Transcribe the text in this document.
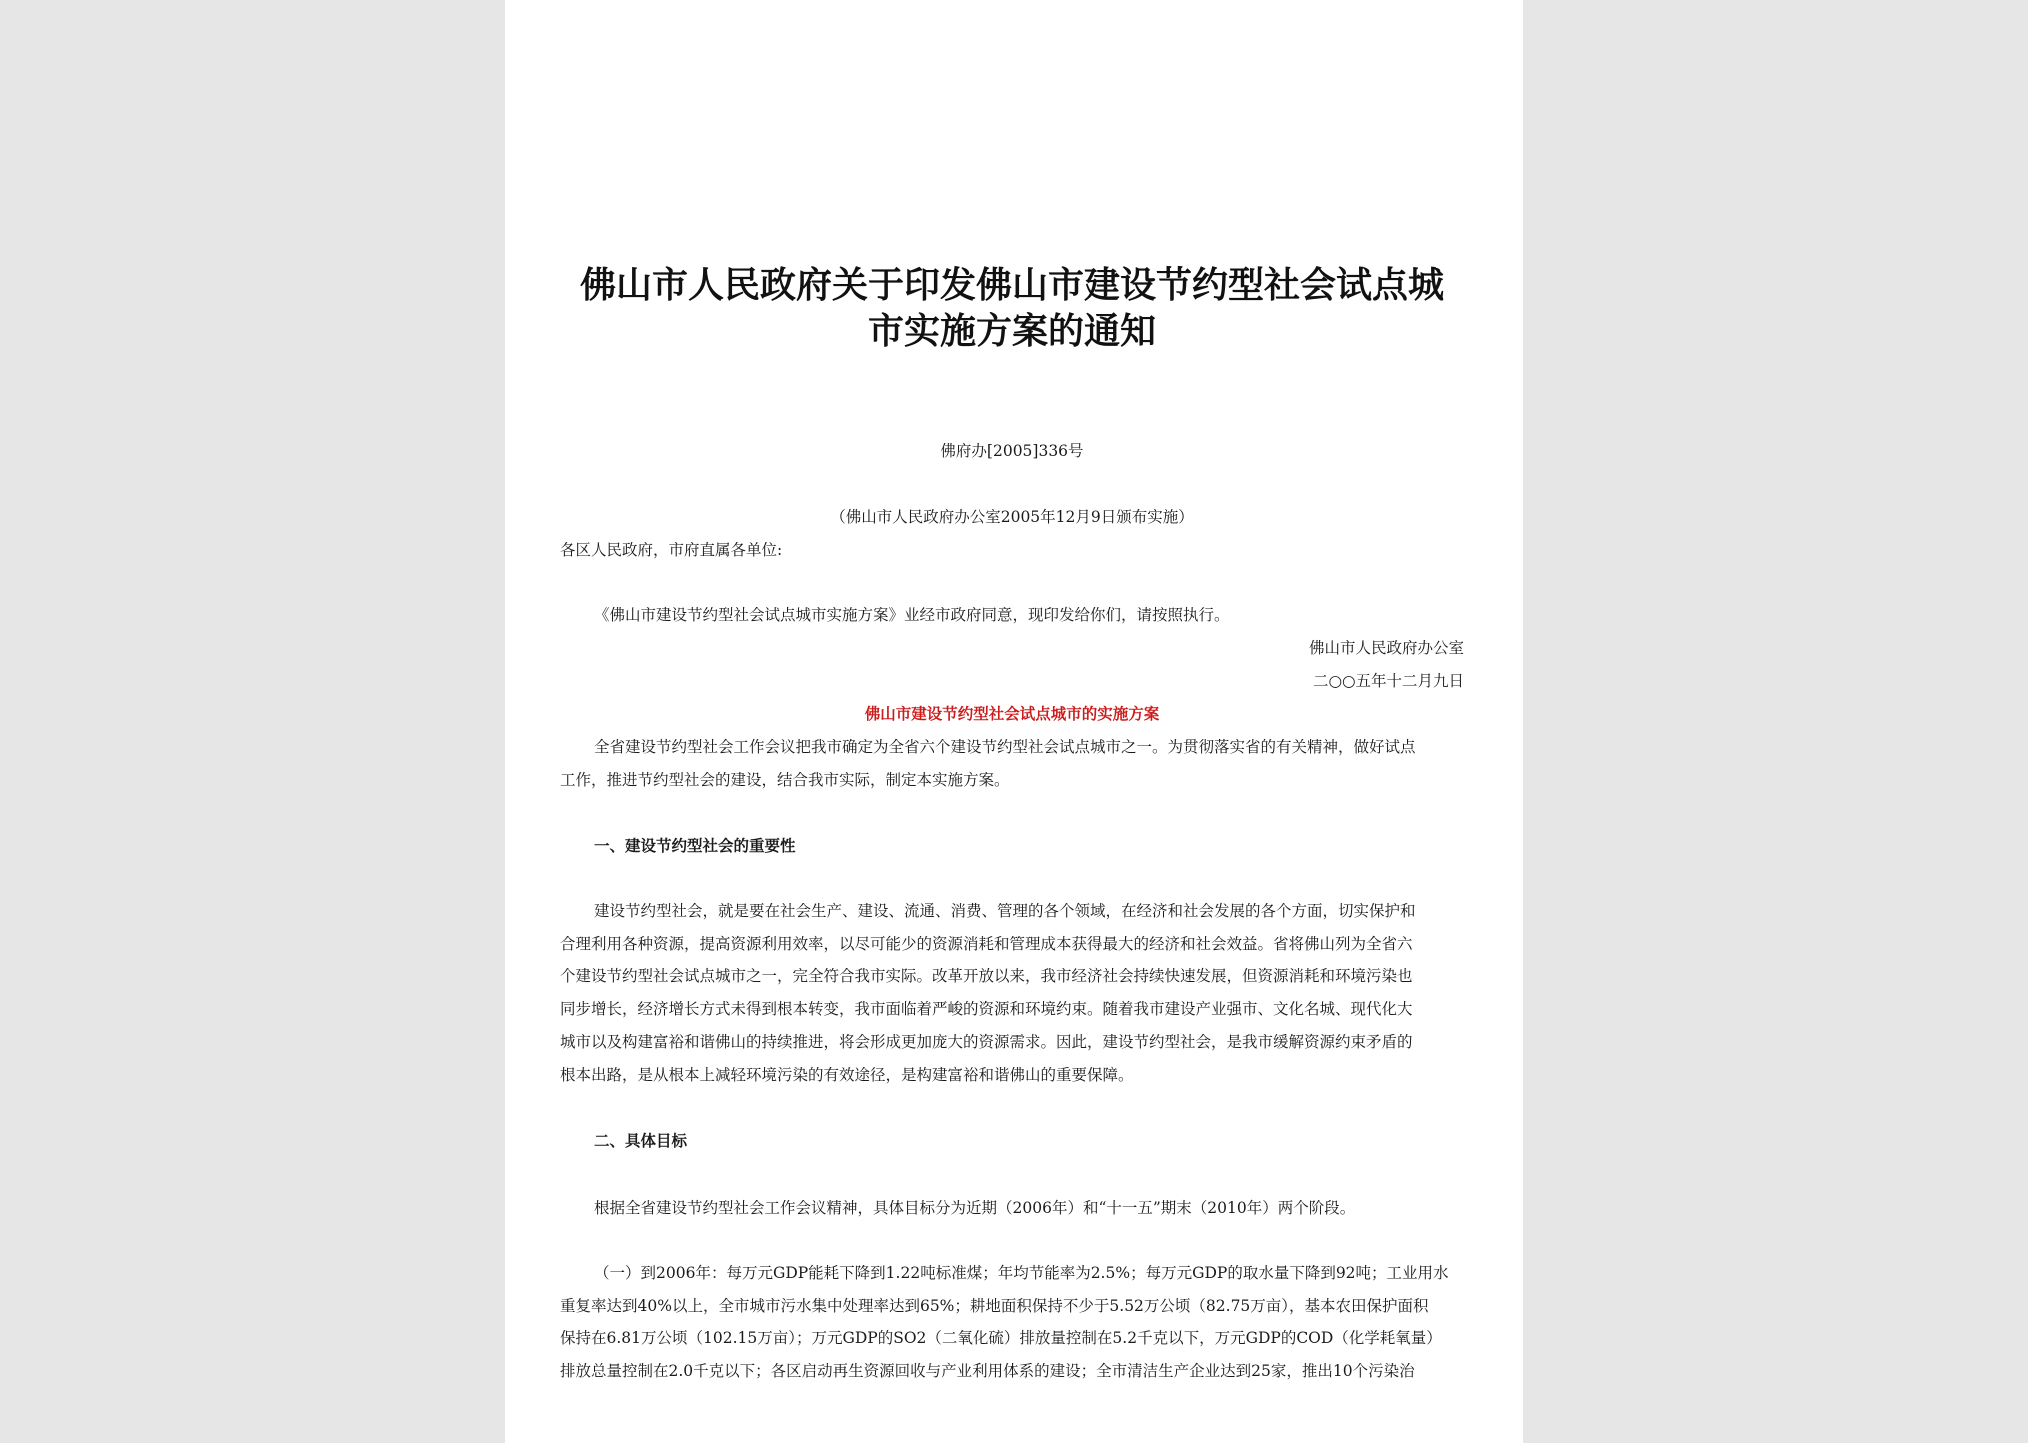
佛山市人民政府关于印发佛山市建设节约型社会试点城
市实施方案的通知
佛府办[2005]336号
（佛山市人民政府办公室2005年12月9日颁布实施）
各区人民政府，市府直属各单位:
《佛山市建设节约型社会试点城市实施方案》业经市政府同意，现印发给你们，请按照执行。
佛山市人民政府办公室
二○○五年十二月九日
佛山市建设节约型社会试点城市的实施方案
全省建设节约型社会工作会议把我市确定为全省六个建设节约型社会试点城市之一。为贯彻落实省的有关精神，做好试点
工作，推进节约型社会的建设，结合我市实际，制定本实施方案。
一、建设节约型社会的重要性
建设节约型社会，就是要在社会生产、建设、流通、消费、管理的各个领域，在经济和社会发展的各个方面，切实保护和
合理利用各种资源，提高资源利用效率，以尽可能少的资源消耗和管理成本获得最大的经济和社会效益。省将佛山列为全省六
个建设节约型社会试点城市之一，完全符合我市实际。改革开放以来，我市经济社会持续快速发展，但资源消耗和环境污染也
同步增长，经济增长方式未得到根本转变，我市面临着严峻的资源和环境约束。随着我市建设产业强市、文化名城、现代化大
城市以及构建富裕和谐佛山的持续推进，将会形成更加庞大的资源需求。因此，建设节约型社会，是我市缓解资源约束矛盾的
根本出路，是从根本上减轻环境污染的有效途径，是构建富裕和谐佛山的重要保障。
二、具体目标
根据全省建设节约型社会工作会议精神，具体目标分为近期（2006年）和“十一五”期末（2010年）两个阶段。
（一）到2006年：每万元GDP能耗下降到1.22吨标准煤；年均节能率为2.5%；每万元GDP的取水量下降到92吨；工业用水
重复率达到40%以上，全市城市污水集中处理率达到65%；耕地面积保持不少于5.52万公顷（82.75万亩），基本农田保护面积
保持在6.81万公顷（102.15万亩）；万元GDP的SO2（二氧化硫）排放量控制在5.2千克以下，万元GDP的COD（化学耗氧量）
排放总量控制在2.0千克以下；各区启动再生资源回收与产业利用体系的建设；全市清洁生产企业达到25家，推出10个污染治
